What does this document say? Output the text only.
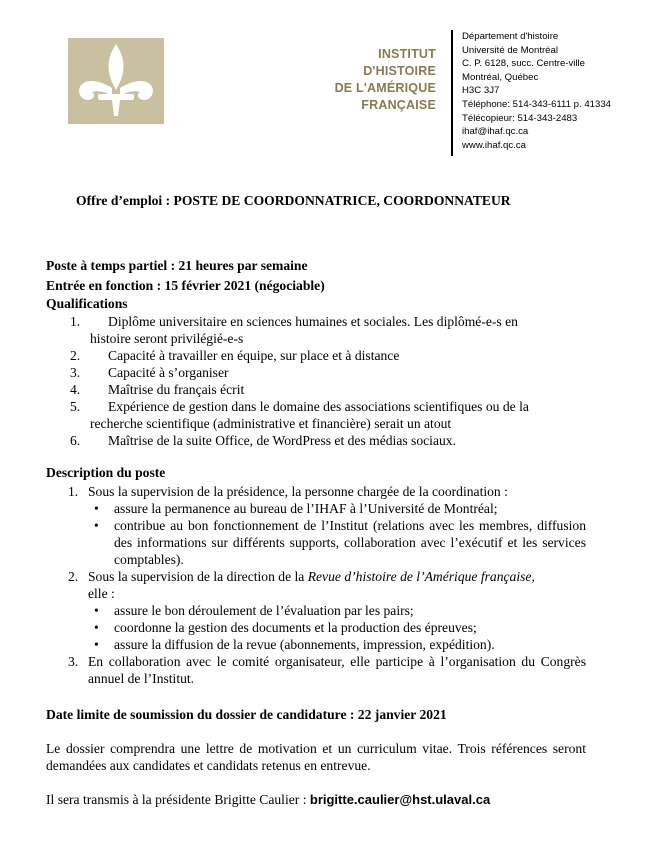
INSTITUT
D'HISTOIRE
DE L'AMÉRIQUE
FRANÇAISE
Département d'histoire
Université de Montréal
C. P. 6128, succ. Centre-ville
Montréal, Québec
H3C 3J7
Téléphone: 514-343-6111 p. 41334
Télécopieur: 514-343-2483
ihaf@ihaf.qc.ca
www.ihaf.qc.ca
Offre d’emploi : POSTE DE COORDONNATRICE, COORDONNATEUR
Poste à temps partiel : 21 heures par semaine
Entrée en fonction : 15 février 2021 (négociable)
Qualifications
1.	Diplôme universitaire en sciences humaines et sociales. Les diplômé-e-s en
histoire seront privilégié-e-s
2.	Capacité à travailler en équipe, sur place et à distance
3.	Capacité à s’organiser
4.	Maîtrise du français écrit
5.	Expérience de gestion dans le domaine des associations scientifiques ou de la
recherche scientifique (administrative et financière) serait un atout
6.	Maîtrise de la suite Office, de WordPress et des médias sociaux.
Description du poste
1. Sous la supervision de la présidence, la personne chargée de la coordination :
• assure la permanence au bureau de l’IHAF à l’Université de Montréal;
• contribue au bon fonctionnement de l’Institut (relations avec les membres, diffusion des informations sur différents supports, collaboration avec l’exécutif et les services comptables).
2. Sous la supervision de la direction de la Revue d’histoire de l’Amérique française,
elle :
• assure le bon déroulement de l’évaluation par les pairs;
• coordonne la gestion des documents et la production des épreuves;
• assure la diffusion de la revue (abonnements, impression, expédition).
3. En collaboration avec le comité organisateur, elle participe à l’organisation du Congrès annuel de l’Institut.
Date limite de soumission du dossier de candidature : 22 janvier 2021
Le dossier comprendra une lettre de motivation et un curriculum vitae. Trois références seront demandées aux candidates et candidats retenus en entrevue.
Il sera transmis à la présidente Brigitte Caulier : brigitte.caulier@hst.ulaval.ca
